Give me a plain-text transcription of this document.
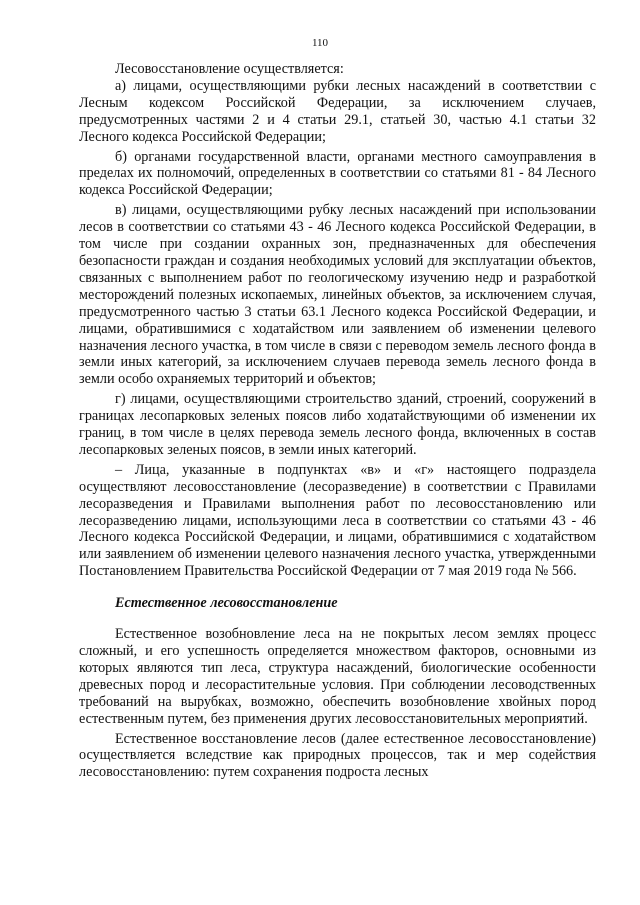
110

Лесовосстановление осуществляется:

а) лицами, осуществляющими рубки лесных насаждений в соответствии с Лесным кодексом Российской Федерации, за исключением случаев, предусмотренных частями 2 и 4 статьи 29.1, статьей 30, частью 4.1 статьи 32 Лесного кодекса Российской Федерации;

б) органами государственной власти, органами местного самоуправления в пределах их полномочий, определенных в соответствии со статьями 81 - 84 Лесного кодекса Российской Федерации;

в) лицами, осуществляющими рубку лесных насаждений при использовании лесов в соответствии со статьями 43 - 46 Лесного кодекса Российской Федерации, в том числе при создании охранных зон, предназначенных для обеспечения безопасности граждан и создания необходимых условий для эксплуатации объектов, связанных с выполнением работ по геологическому изучению недр и разработкой месторождений полезных ископаемых, линейных объектов, за исключением случая, предусмотренного частью 3 статьи 63.1 Лесного кодекса Российской Федерации, и лицами, обратившимися с ходатайством или заявлением об изменении целевого назначения лесного участка, в том числе в связи с переводом земель лесного фонда в земли иных категорий, за исключением случаев перевода земель лесного фонда в земли особо охраняемых территорий и объектов;

г) лицами, осуществляющими строительство зданий, строений, сооружений в границах лесопарковых зеленых поясов либо ходатайствующими об изменении их границ, в том числе в целях перевода земель лесного фонда, включенных в состав лесопарковых зеленых поясов, в земли иных категорий.

– Лица, указанные в подпунктах «в» и «г» настоящего подраздела осуществляют лесовосстановление (лесоразведение) в соответствии с Правилами лесоразведения и Правилами выполнения работ по лесовосстановлению или лесоразведению лицами, использующими леса в соответствии со статьями 43 - 46 Лесного кодекса Российской Федерации, и лицами, обратившимися с ходатайством или заявлением об изменении целевого назначения лесного участка, утвержденными Постановлением Правительства Российской Федерации от 7 мая 2019 года № 566.

Естественное лесовосстановление

Естественное возобновление леса на не покрытых лесом землях процесс сложный, и его успешность определяется множеством факторов, основными из которых являются тип леса, структура насаждений, биологические особенности древесных пород и лесорастительные условия. При соблюдении лесоводственных требований на вырубках, возможно, обеспечить возобновление хвойных пород естественным путем, без применения других лесовосстановительных мероприятий.

Естественное восстановление лесов (далее естественное лесовосстановление) осуществляется вследствие как природных процессов, так и мер содействия лесовосстановлению: путем сохранения подроста лесных
